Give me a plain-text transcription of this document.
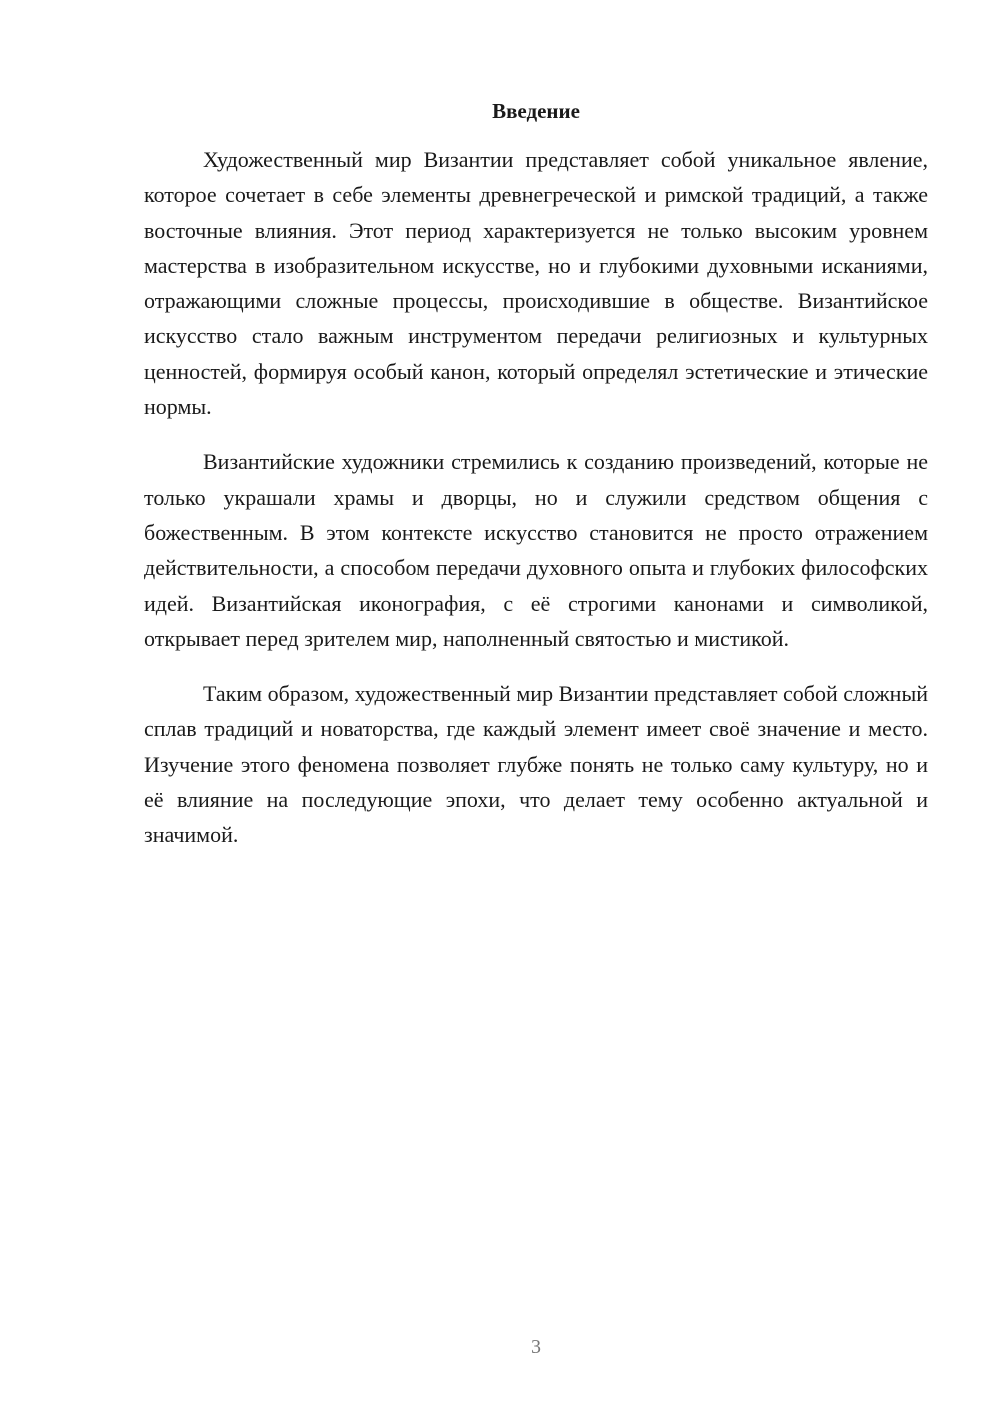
Введение

Художественный мир Византии представляет собой уникальное явление, которое сочетает в себе элементы древнегреческой и римской традиций, а также восточные влияния. Этот период характеризуется не только высоким уровнем мастерства в изобразительном искусстве, но и глубокими духовными исканиями, отражающими сложные процессы, происходившие в обществе. Византийское искусство стало важным инструментом передачи религиозных и культурных ценностей, формируя особый канон, который определял эстетические и этические нормы.

Византийские художники стремились к созданию произведений, которые не только украшали храмы и дворцы, но и служили средством общения с божественным. В этом контексте искусство становится не просто отражением действительности, а способом передачи духовного опыта и глубоких философских идей. Византийская иконография, с её строгими канонами и символикой, открывает перед зрителем мир, наполненный святостью и мистикой.

Таким образом, художественный мир Византии представляет собой сложный сплав традиций и новаторства, где каждый элемент имеет своё значение и место. Изучение этого феномена позволяет глубже понять не только саму культуру, но и её влияние на последующие эпохи, что делает тему особенно актуальной и значимой.

3
